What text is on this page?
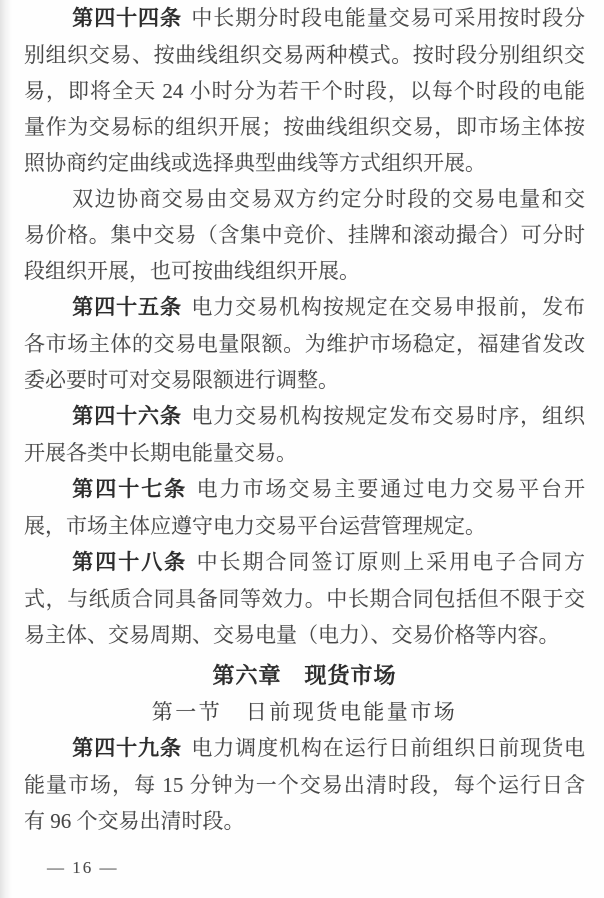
第四十四条 中长期分时段电能量交易可采用按时段分
别组织交易、按曲线组织交易两种模式。按时段分别组织交
易，即将全天 24 小时分为若干个时段，以每个时段的电能
量作为交易标的组织开展；按曲线组织交易，即市场主体按
照协商约定曲线或选择典型曲线等方式组织开展。
双边协商交易由交易双方约定分时段的交易电量和交
易价格。集中交易（含集中竞价、挂牌和滚动撮合）可分时
段组织开展，也可按曲线组织开展。
第四十五条 电力交易机构按规定在交易申报前，发布
各市场主体的交易电量限额。为维护市场稳定，福建省发改
委必要时可对交易限额进行调整。
第四十六条 电力交易机构按规定发布交易时序，组织
开展各类中长期电能量交易。
第四十七条 电力市场交易主要通过电力交易平台开
展，市场主体应遵守电力交易平台运营管理规定。
第四十八条 中长期合同签订原则上采用电子合同方
式，与纸质合同具备同等效力。中长期合同包括但不限于交
易主体、交易周期、交易电量（电力）、交易价格等内容。
第六章　现货市场
第一节　日前现货电能量市场
第四十九条 电力调度机构在运行日前组织日前现货电
能量市场，每 15 分钟为一个交易出清时段，每个运行日含
有 96 个交易出清时段。
— 16 —
